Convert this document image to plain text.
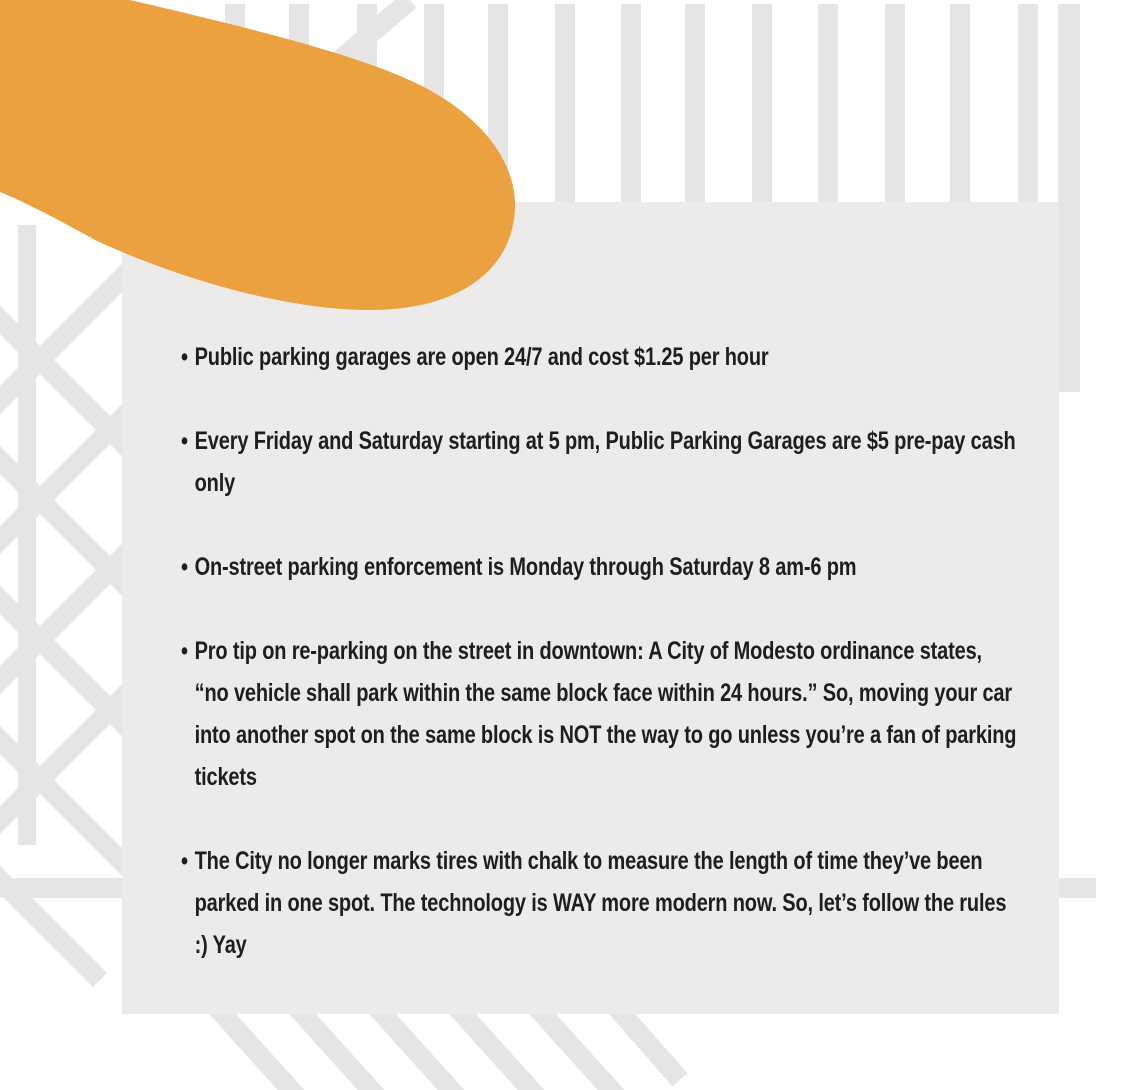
• Public parking garages are open 24/7 and cost $1.25 per hour
• Every Friday and Saturday starting at 5 pm, Public Parking Garages are $5 pre-pay cash only
• On-street parking enforcement is Monday through Saturday 8 am-6 pm
• Pro tip on re-parking on the street in downtown: A City of Modesto ordinance states, “no vehicle shall park within the same block face within 24 hours.” So, moving your car into another spot on the same block is NOT the way to go unless you’re a fan of parking tickets
• The City no longer marks tires with chalk to measure the length of time they’ve been parked in one spot. The technology is WAY more modern now. So, let’s follow the rules :) Yay
